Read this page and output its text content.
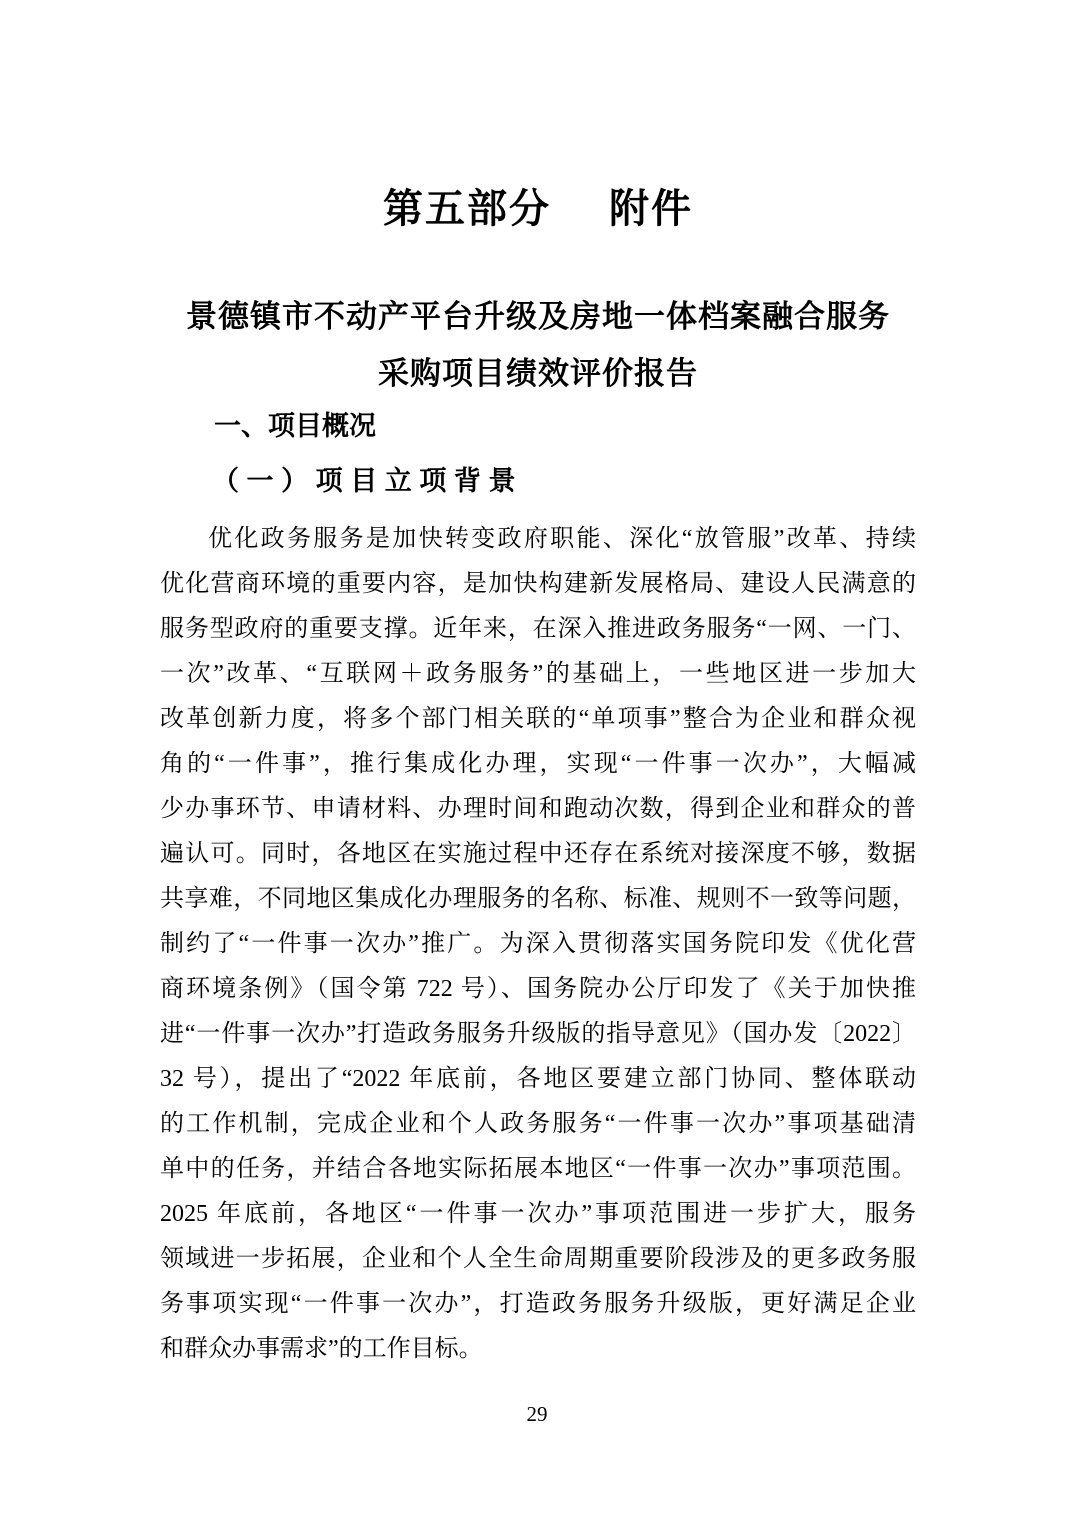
第五部分 附件
景德镇市不动产平台升级及房地一体档案融合服务
采购项目绩效评价报告
一、项目概况
（一）项目立项背景
优化政务服务是加快转变政府职能、深化“放管服”改革、持续
优化营商环境的重要内容，是加快构建新发展格局、建设人民满意的
服务型政府的重要支撑。近年来，在深入推进政务服务“一网、一门、
一次”改革、“互联网＋政务服务”的基础上，一些地区进一步加大
改革创新力度，将多个部门相关联的“单项事”整合为企业和群众视
角的“一件事”，推行集成化办理，实现“一件事一次办”，大幅减
少办事环节、申请材料、办理时间和跑动次数，得到企业和群众的普
遍认可。同时，各地区在实施过程中还存在系统对接深度不够，数据
共享难，不同地区集成化办理服务的名称、标准、规则不一致等问题，
制约了“一件事一次办”推广。为深入贯彻落实国务院印发《优化营
商环境条例》（国令第 722 号）、国务院办公厅印发了《关于加快推
进“一件事一次办”打造政务服务升级版的指导意见》（国办发〔2022〕
32 号），提出了“2022 年底前，各地区要建立部门协同、整体联动
的工作机制，完成企业和个人政务服务“一件事一次办”事项基础清
单中的任务，并结合各地实际拓展本地区“一件事一次办”事项范围。
2025 年底前，各地区“一件事一次办”事项范围进一步扩大，服务
领域进一步拓展，企业和个人全生命周期重要阶段涉及的更多政务服
务事项实现“一件事一次办”，打造政务服务升级版，更好满足企业
和群众办事需求”的工作目标。
29
